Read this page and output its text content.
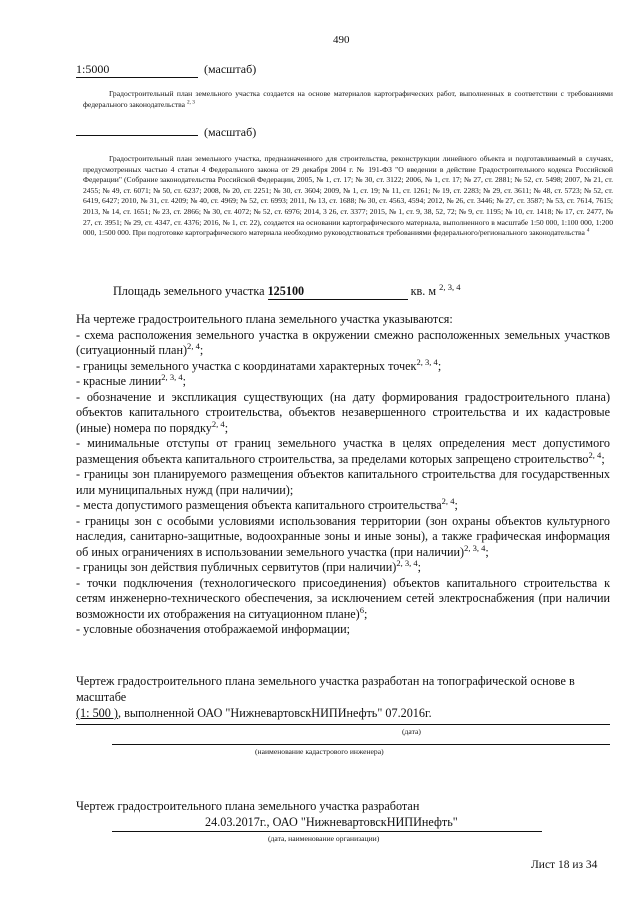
490
1:5000	(масштаб)
Градостроительный план земельного участка создается на основе материалов картографических работ, выполненных в соответствии с требованиями федерального законодательства $^{2, 3}$
(масштаб)
Градостроительный план земельного участка, предназначенного для строительства, реконструкции линейного объекта и подготавливаемый в случаях, предусмотренных частью 4 статьи 4 Федерального закона от 29 декабря 2004 г. № 191-ФЗ "О введении в действие Градостроительного кодекса Российской Федерации" (Собрание законодательства Российской Федерации, 2005, № 1, ст. 17; № 30, ст. 3122; 2006, № 1, ст. 17; № 27, ст. 2881; № 52, ст. 5498; 2007, № 21, ст. 2455; № 49, ст. 6071; № 50, ст. 6237; 2008, № 20, ст. 2251; № 30, ст. 3604; 2009, № 1, ст. 19; № 11, ст. 1261; № 19, ст. 2283; № 29, ст. 3611; № 48, ст. 5723; № 52, ст. 6419, 6427; 2010, № 31, ст. 4209; № 40, ст. 4969; № 52, ст. 6993; 2011, № 13, ст. 1688; № 30, ст. 4563, 4594; 2012, № 26, ст. 3446; № 27, ст. 3587; № 53, ст. 7614, 7615; 2013, № 14, ст. 1651; № 23, ст. 2866; № 30, ст. 4072; № 52, ст. 6976; 2014, 3 26, ст. 3377; 2015, № 1, ст. 9, 38, 52, 72; № 9, ст. 1195; № 10, ст. 1418; № 17, ст. 2477, № 27, ст. 3951; № 29, ст. 4347, ст. 4376; 2016, № 1, ст. 22), создается на основании картографического материала, выполненного в масштабе 1:50 000, 1:100 000, 1:200 000, 1:500 000. При подготовке картографического материала необходимо руководствоваться требованиями федерального/регионального законодательства $^4$
Площадь земельного участка 125100	кв. м $^{2, 3, 4}$

На чертеже градостроительного плана земельного участка указываются:

- схема расположения земельного участка в окружении смежно расположенных земельных участков (ситуационный план)$^{2, 4}$;

- границы земельного участка с координатами характерных точек$^{2, 3, 4}$;

- красные линии$^{2, 3, 4}$;

- обозначение и экспликация существующих (на дату формирования градостроительного плана) объектов капитального строительства, объектов незавершенного строительства и их кадастровые (иные) номера по порядку$^{2, 4}$;

- минимальные отступы от границ земельного участка в целях определения мест допустимого размещения объекта капитального строительства, за пределами которых запрещено строительство$^{2, 4}$;

- границы зон планируемого размещения объектов капитального строительства для государственных или муниципальных нужд (при наличии);

- места допустимого размещения объекта капитального строительства$^{2, 4}$;

- границы зон с особыми условиями использования территории (зон охраны объектов культурного наследия, санитарно-защитные, водоохранные зоны и иные зоны), а также графическая информация об иных ограничениях в использовании земельного участка (при наличии)$^{2, 3, 4}$;

- границы зон действия публичных сервитутов (при наличии)$^{2, 3, 4}$;

- точки подключения (технологического присоединения) объектов капитального строительства к сетям инженерно-технического обеспечения, за исключением сетей электроснабжения (при наличии возможности их отображения на ситуационном плане)$^6$;

- условные обозначения отображаемой информации;

Чертеж градостроительного плана земельного участка разработан на топографической основе в масштабе
(1: 500 ), выполненной ОАО "НижневартовскНИПИнефть" 07.2016г.
(дата)
(наименование кадастрового инженера)
Чертеж градостроительного плана земельного участка разработан
24.03.2017г., ОАО "НижневартовскНИПИнефть"
(дата, наименование организации)
Лист 18 из 34
